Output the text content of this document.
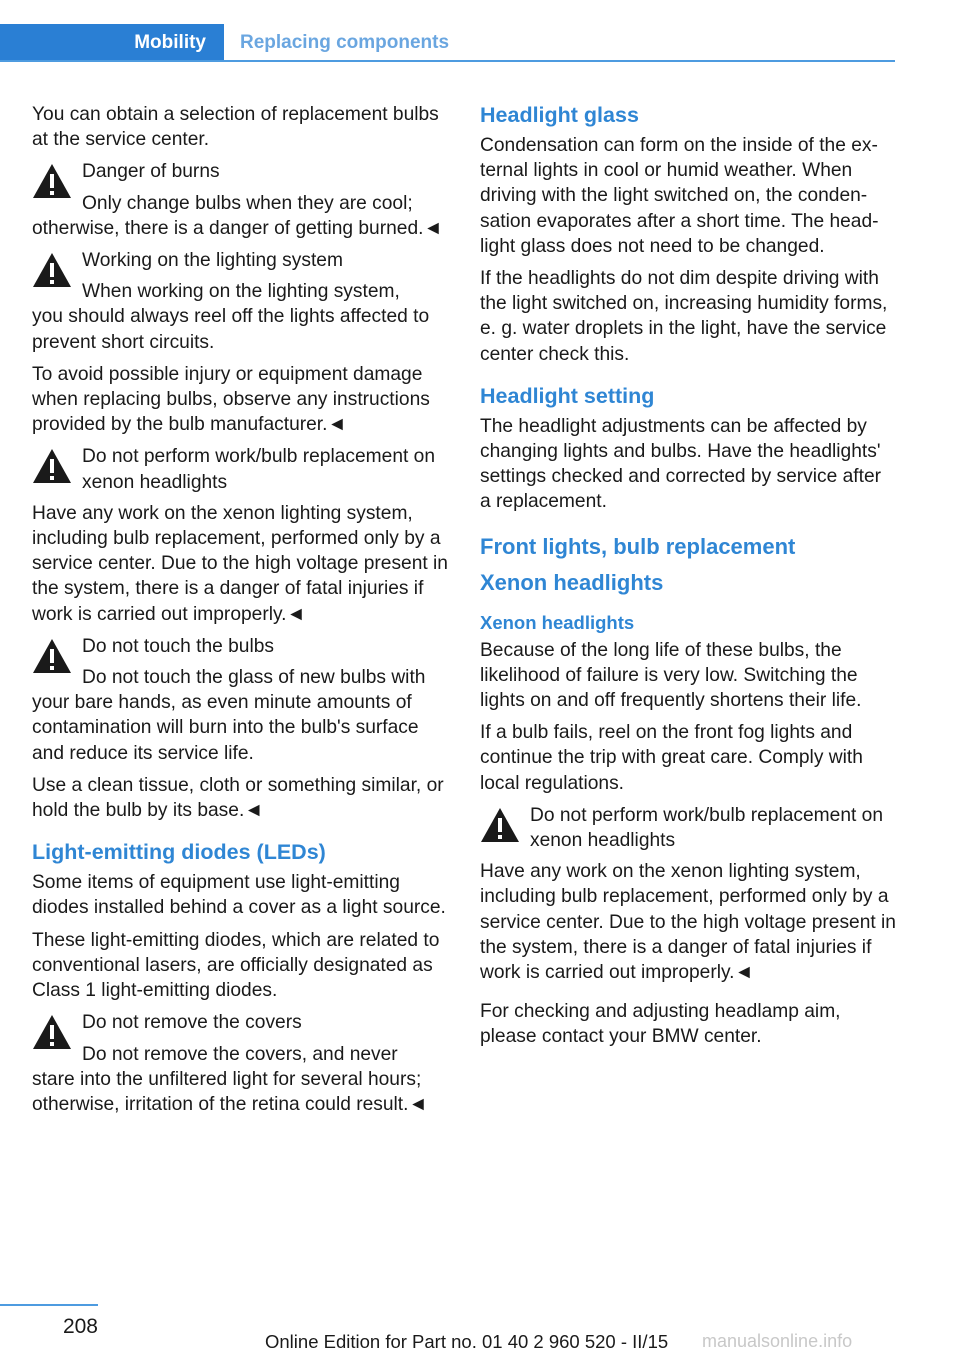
Mobility	Replacing components

You can obtain a selection of replacement bulbs at the service center.

Danger of burns
Only change bulbs when they are cool;

otherwise, there is a danger of getting burned.◄

Working on the lighting system
When working on the lighting system,

you should always reel off the lights affected to prevent short circuits.

To avoid possible injury or equipment damage when replacing bulbs, observe any instructions provided by the bulb manufacturer.◄

Do not perform work/bulb replacement on xenon headlights

Have any work on the xenon lighting system, including bulb replacement, performed only by a service center. Due to the high voltage present in the system, there is a danger of fatal injuries if work is carried out improperly.◄

Do not touch the bulbs
Do not touch the glass of new bulbs with

your bare hands, as even minute amounts of contamination will burn into the bulb's surface and reduce its service life.

Use a clean tissue, cloth or something similar, or hold the bulb by its base.◄

Light-emitting diodes (LEDs)

Some items of equipment use light-emitting diodes installed behind a cover as a light source.

These light-emitting diodes, which are related to conventional lasers, are officially designated as Class 1 light-emitting diodes.

Do not remove the covers
Do not remove the covers, and never

stare into the unfiltered light for several hours; otherwise, irritation of the retina could result.◄

Headlight glass

Condensation can form on the inside of the external lights in cool or humid weather. When driving with the light switched on, the condensation evaporates after a short time. The headlight glass does not need to be changed.

If the headlights do not dim despite driving with the light switched on, increasing humidity forms, e. g. water droplets in the light, have the service center check this.

Headlight setting

The headlight adjustments can be affected by changing lights and bulbs. Have the headlights' settings checked and corrected by service after a replacement.

Front lights, bulb replacement
Xenon headlights
Xenon headlights

Because of the long life of these bulbs, the likelihood of failure is very low. Switching the lights on and off frequently shortens their life.

If a bulb fails, reel on the front fog lights and continue the trip with great care. Comply with local regulations.

Do not perform work/bulb replacement on xenon headlights

Have any work on the xenon lighting system, including bulb replacement, performed only by a service center. Due to the high voltage present in the system, there is a danger of fatal injuries if work is carried out improperly.◄

For checking and adjusting headlamp aim, please contact your BMW center.

208
Online Edition for Part no. 01 40 2 960 520 - II/15 manualsonline.info
